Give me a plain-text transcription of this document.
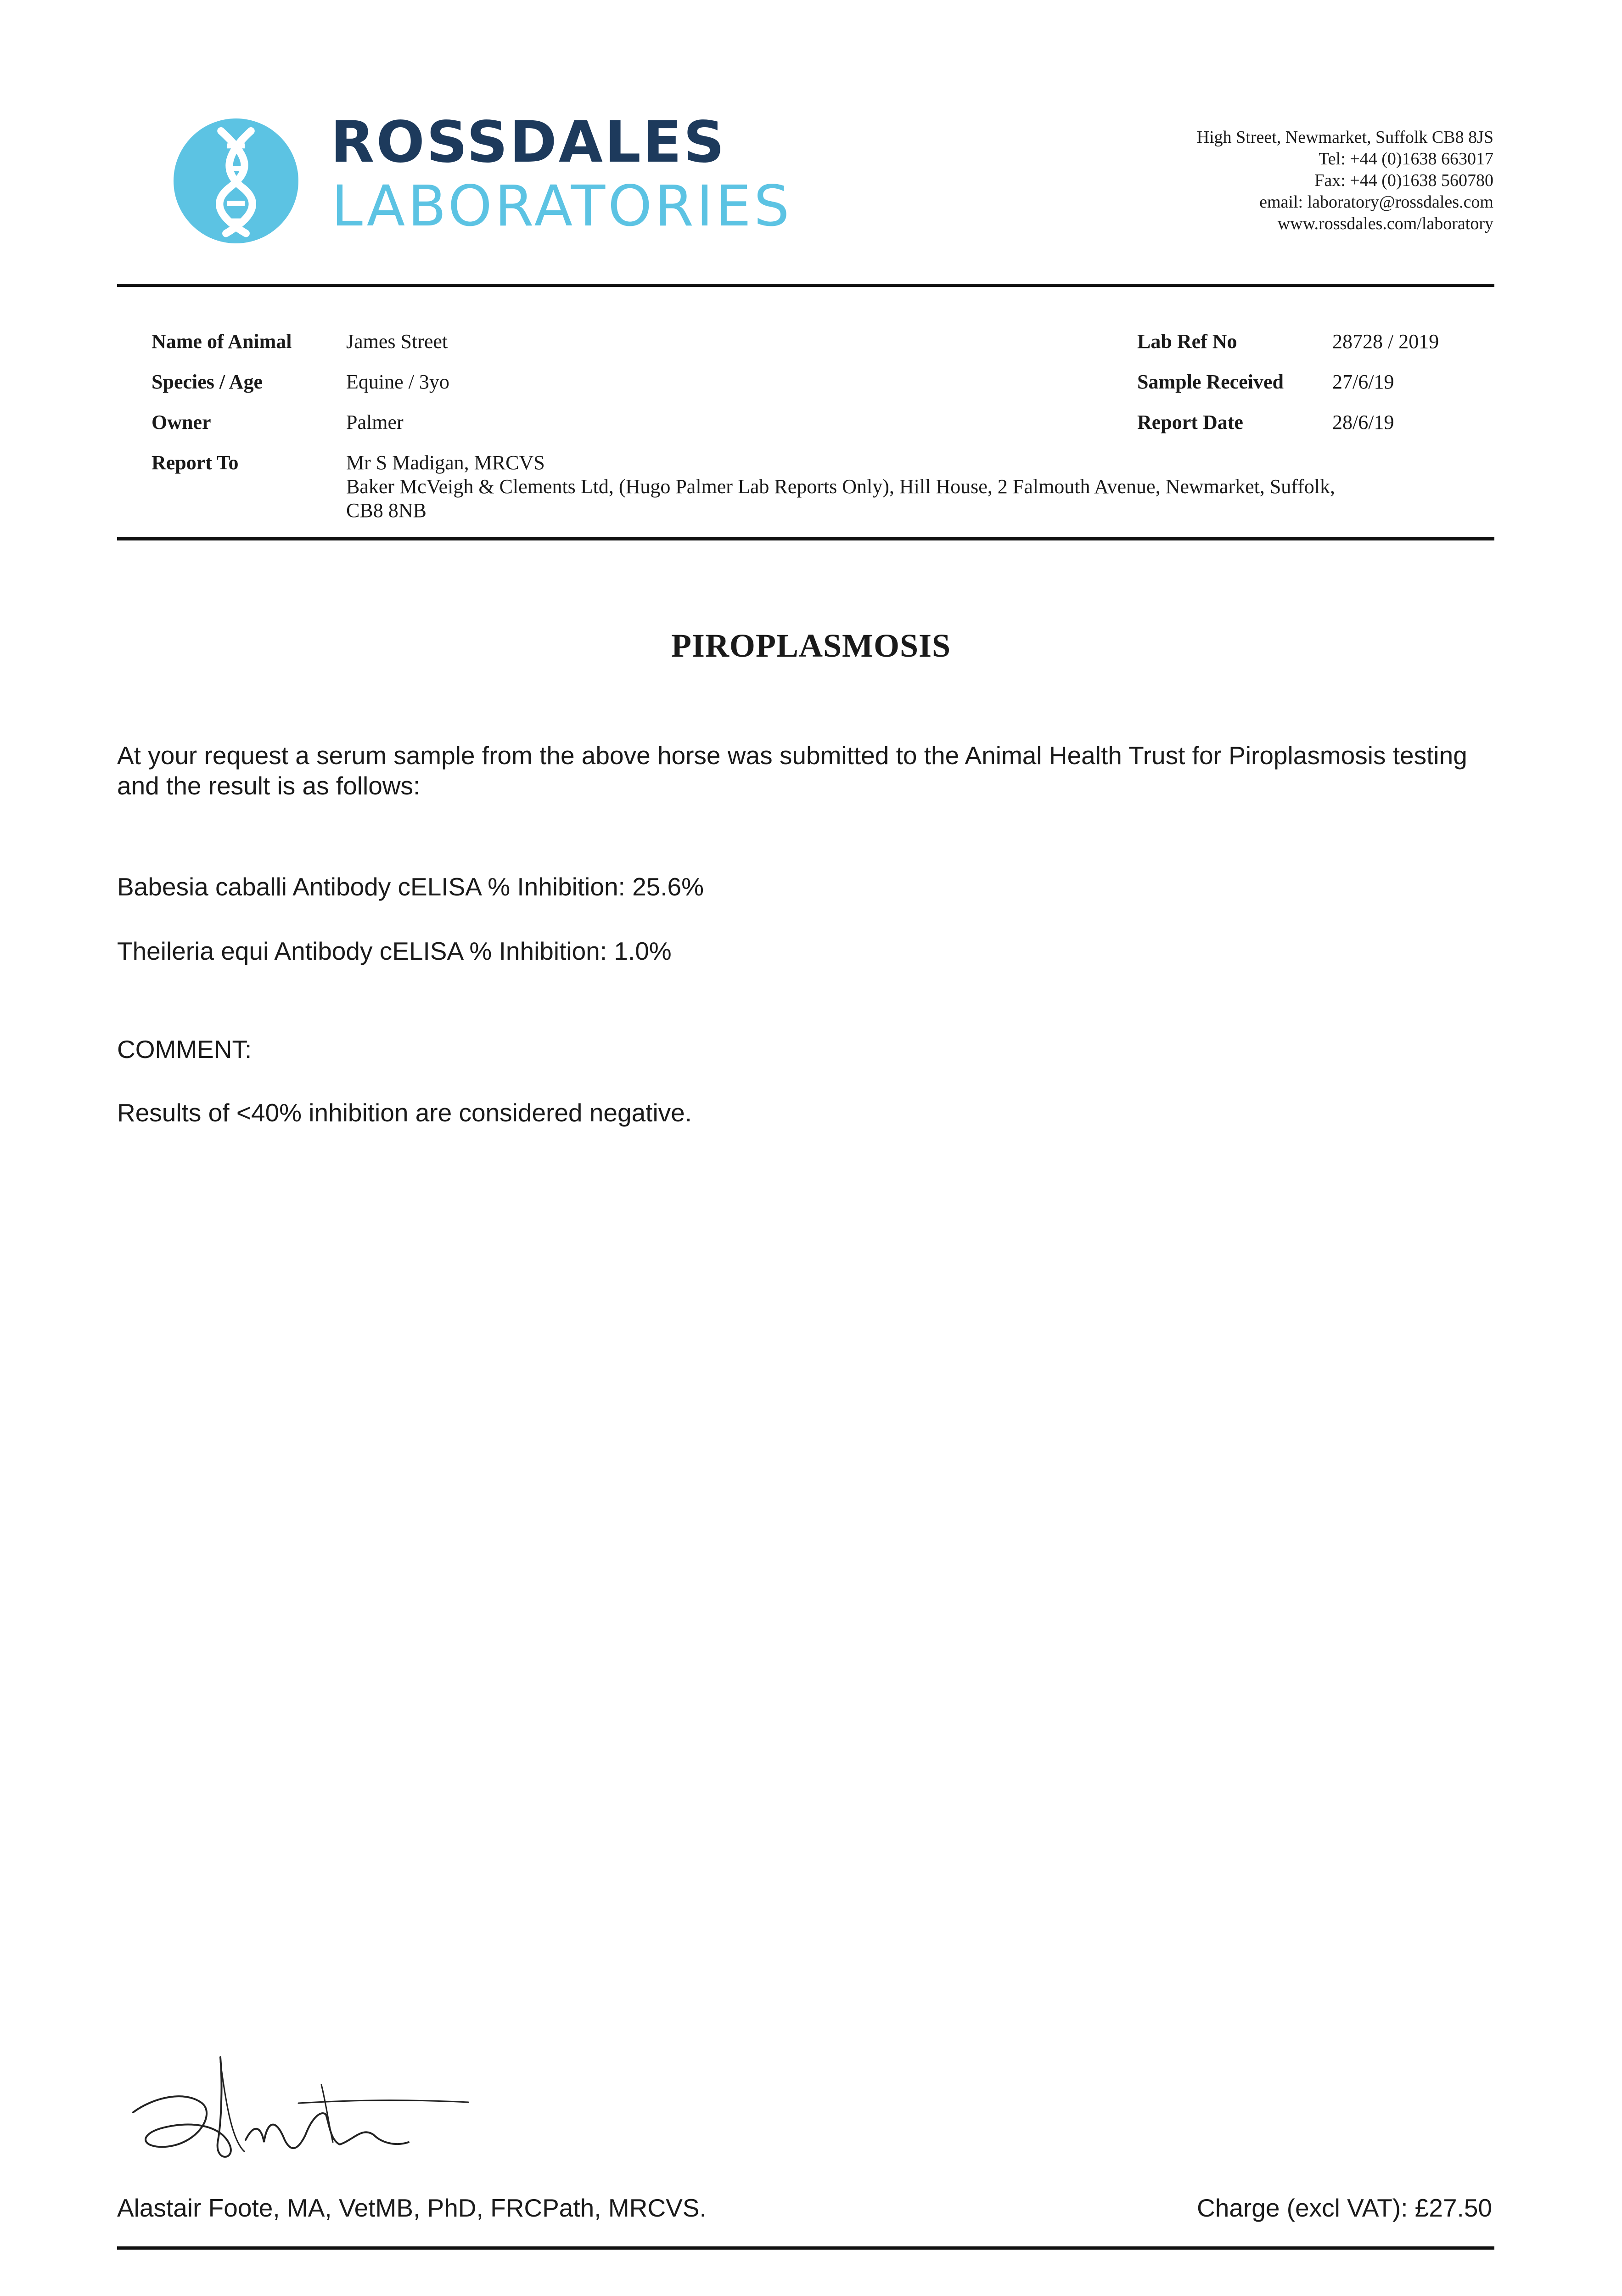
ROSSDALES
LABORATORIES
High Street, Newmarket, Suffolk CB8 8JS
Tel: +44 (0)1638 663017
Fax: +44 (0)1638 560780
email: laboratory@rossdales.com
www.rossdales.com/laboratory
Name of Animal	James Street
Species / Age	Equine / 3yo
Owner	Palmer
Report To	Mr S Madigan, MRCVS
Baker McVeigh & Clements Ltd, (Hugo Palmer Lab Reports Only), Hill House, 2 Falmouth Avenue, Newmarket, Suffolk,
CB8 8NB
Lab Ref No	28728 / 2019
Sample Received 27/6/19
Report Date	28/6/19
PIROPLASMOSIS
At your request a serum sample from the above horse was submitted to the Animal Health Trust for Piroplasmosis testing and the result is as follows:
Babesia caballi Antibody cELISA % Inhibition: 25.6%
Theileria equi Antibody cELISA % Inhibition: 1.0%
COMMENT:
Results of <40% inhibition are considered negative.
Alastair Foote, MA, VetMB, PhD, FRCPath, MRCVS.	Charge (excl VAT): £27.50
